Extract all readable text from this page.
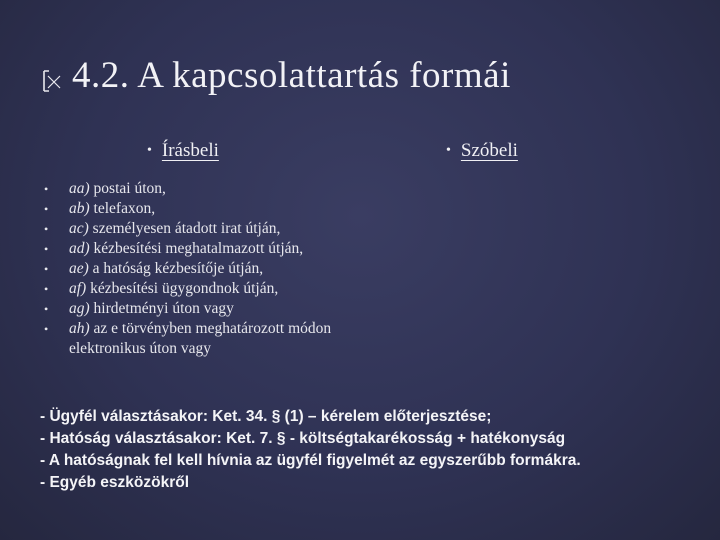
4.2. A kapcsolattartás formái
• Írásbeli	• Szóbeli
• aa) postai úton,
• ab) telefaxon,
• ac) személyesen átadott irat útján,
• ad) kézbesítési meghatalmazott útján,
• ae) a hatóság kézbesítője útján,
• af) kézbesítési ügygondnok útján,
• ag) hirdetményi úton vagy
• ah) az e törvényben meghatározott módon elektronikus úton vagy
- Ügyfél választásakor: Ket. 34. § (1) – kérelem előterjesztése;
- Hatóság választásakor: Ket. 7. § - költségtakarékosság + hatékonyság
- A hatóságnak fel kell hívnia az ügyfél figyelmét az egyszerűbb formákra.
- Egyéb eszközökről
